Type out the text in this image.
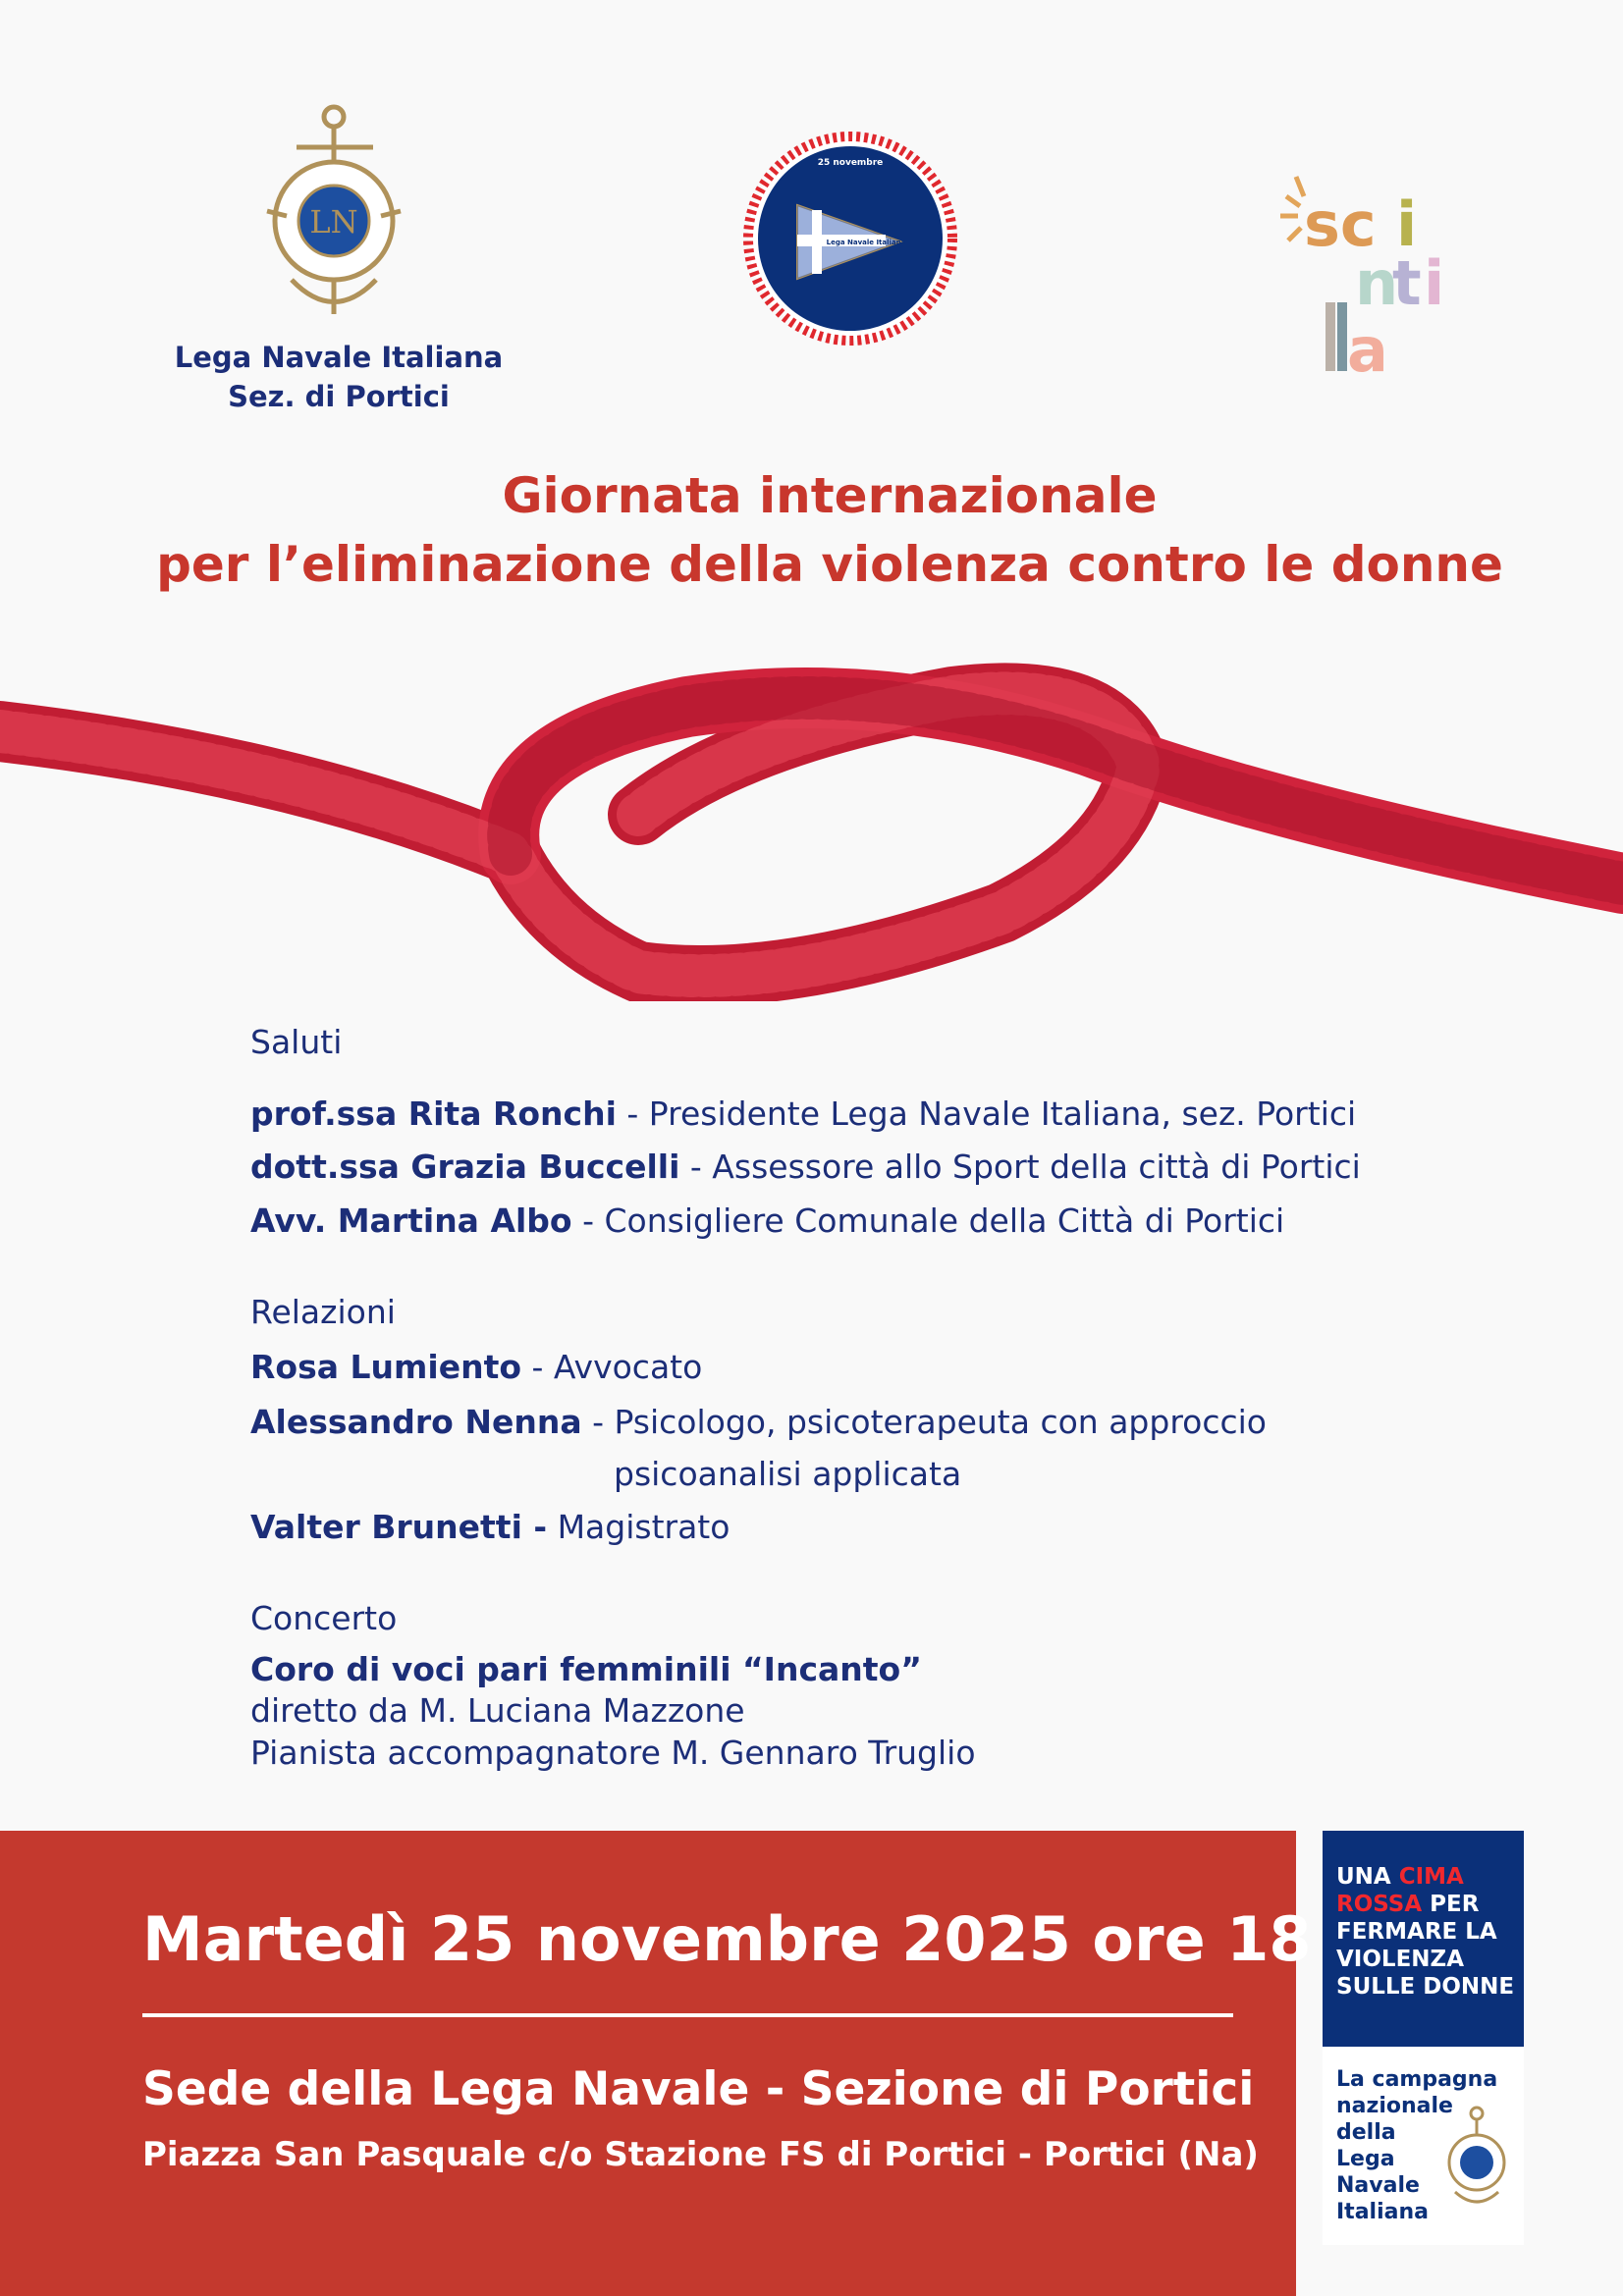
LN
Lega Navale Italiana
Sez. di Portici
25 novembre
Lega Navale Italiana	sc i
n
t i
a
Giornata internazionale
per l’eliminazione della violenza contro le donne
Saluti
prof.ssa Rita Ronchi - Presidente Lega Navale Italiana, sez. Portici
dott.ssa Grazia Buccelli - Assessore allo Sport della città di Portici
Avv. Martina Albo - Consigliere Comunale della Città di Portici
Relazioni
Rosa Lumiento - Avvocato
Alessandro Nenna - Psicologo, psicoterapeuta con approccio
psicoanalisi applicata
Valter Brunetti - Magistrato
Concerto
Coro di voci pari femminili “Incanto”
diretto da M. Luciana Mazzone
Pianista accompagnatore M. Gennaro Truglio
Martedì 25 novembre 2025 ore 18
Sede della Lega Navale - Sezione di Portici
Piazza San Pasquale c/o Stazione FS di Portici - Portici (Na)
UNA CIMA
ROSSA PER
FERMARE LA
VIOLENZA
SULLE DONNE
La campagna
nazionale
della
Lega
Navale
Italiana
